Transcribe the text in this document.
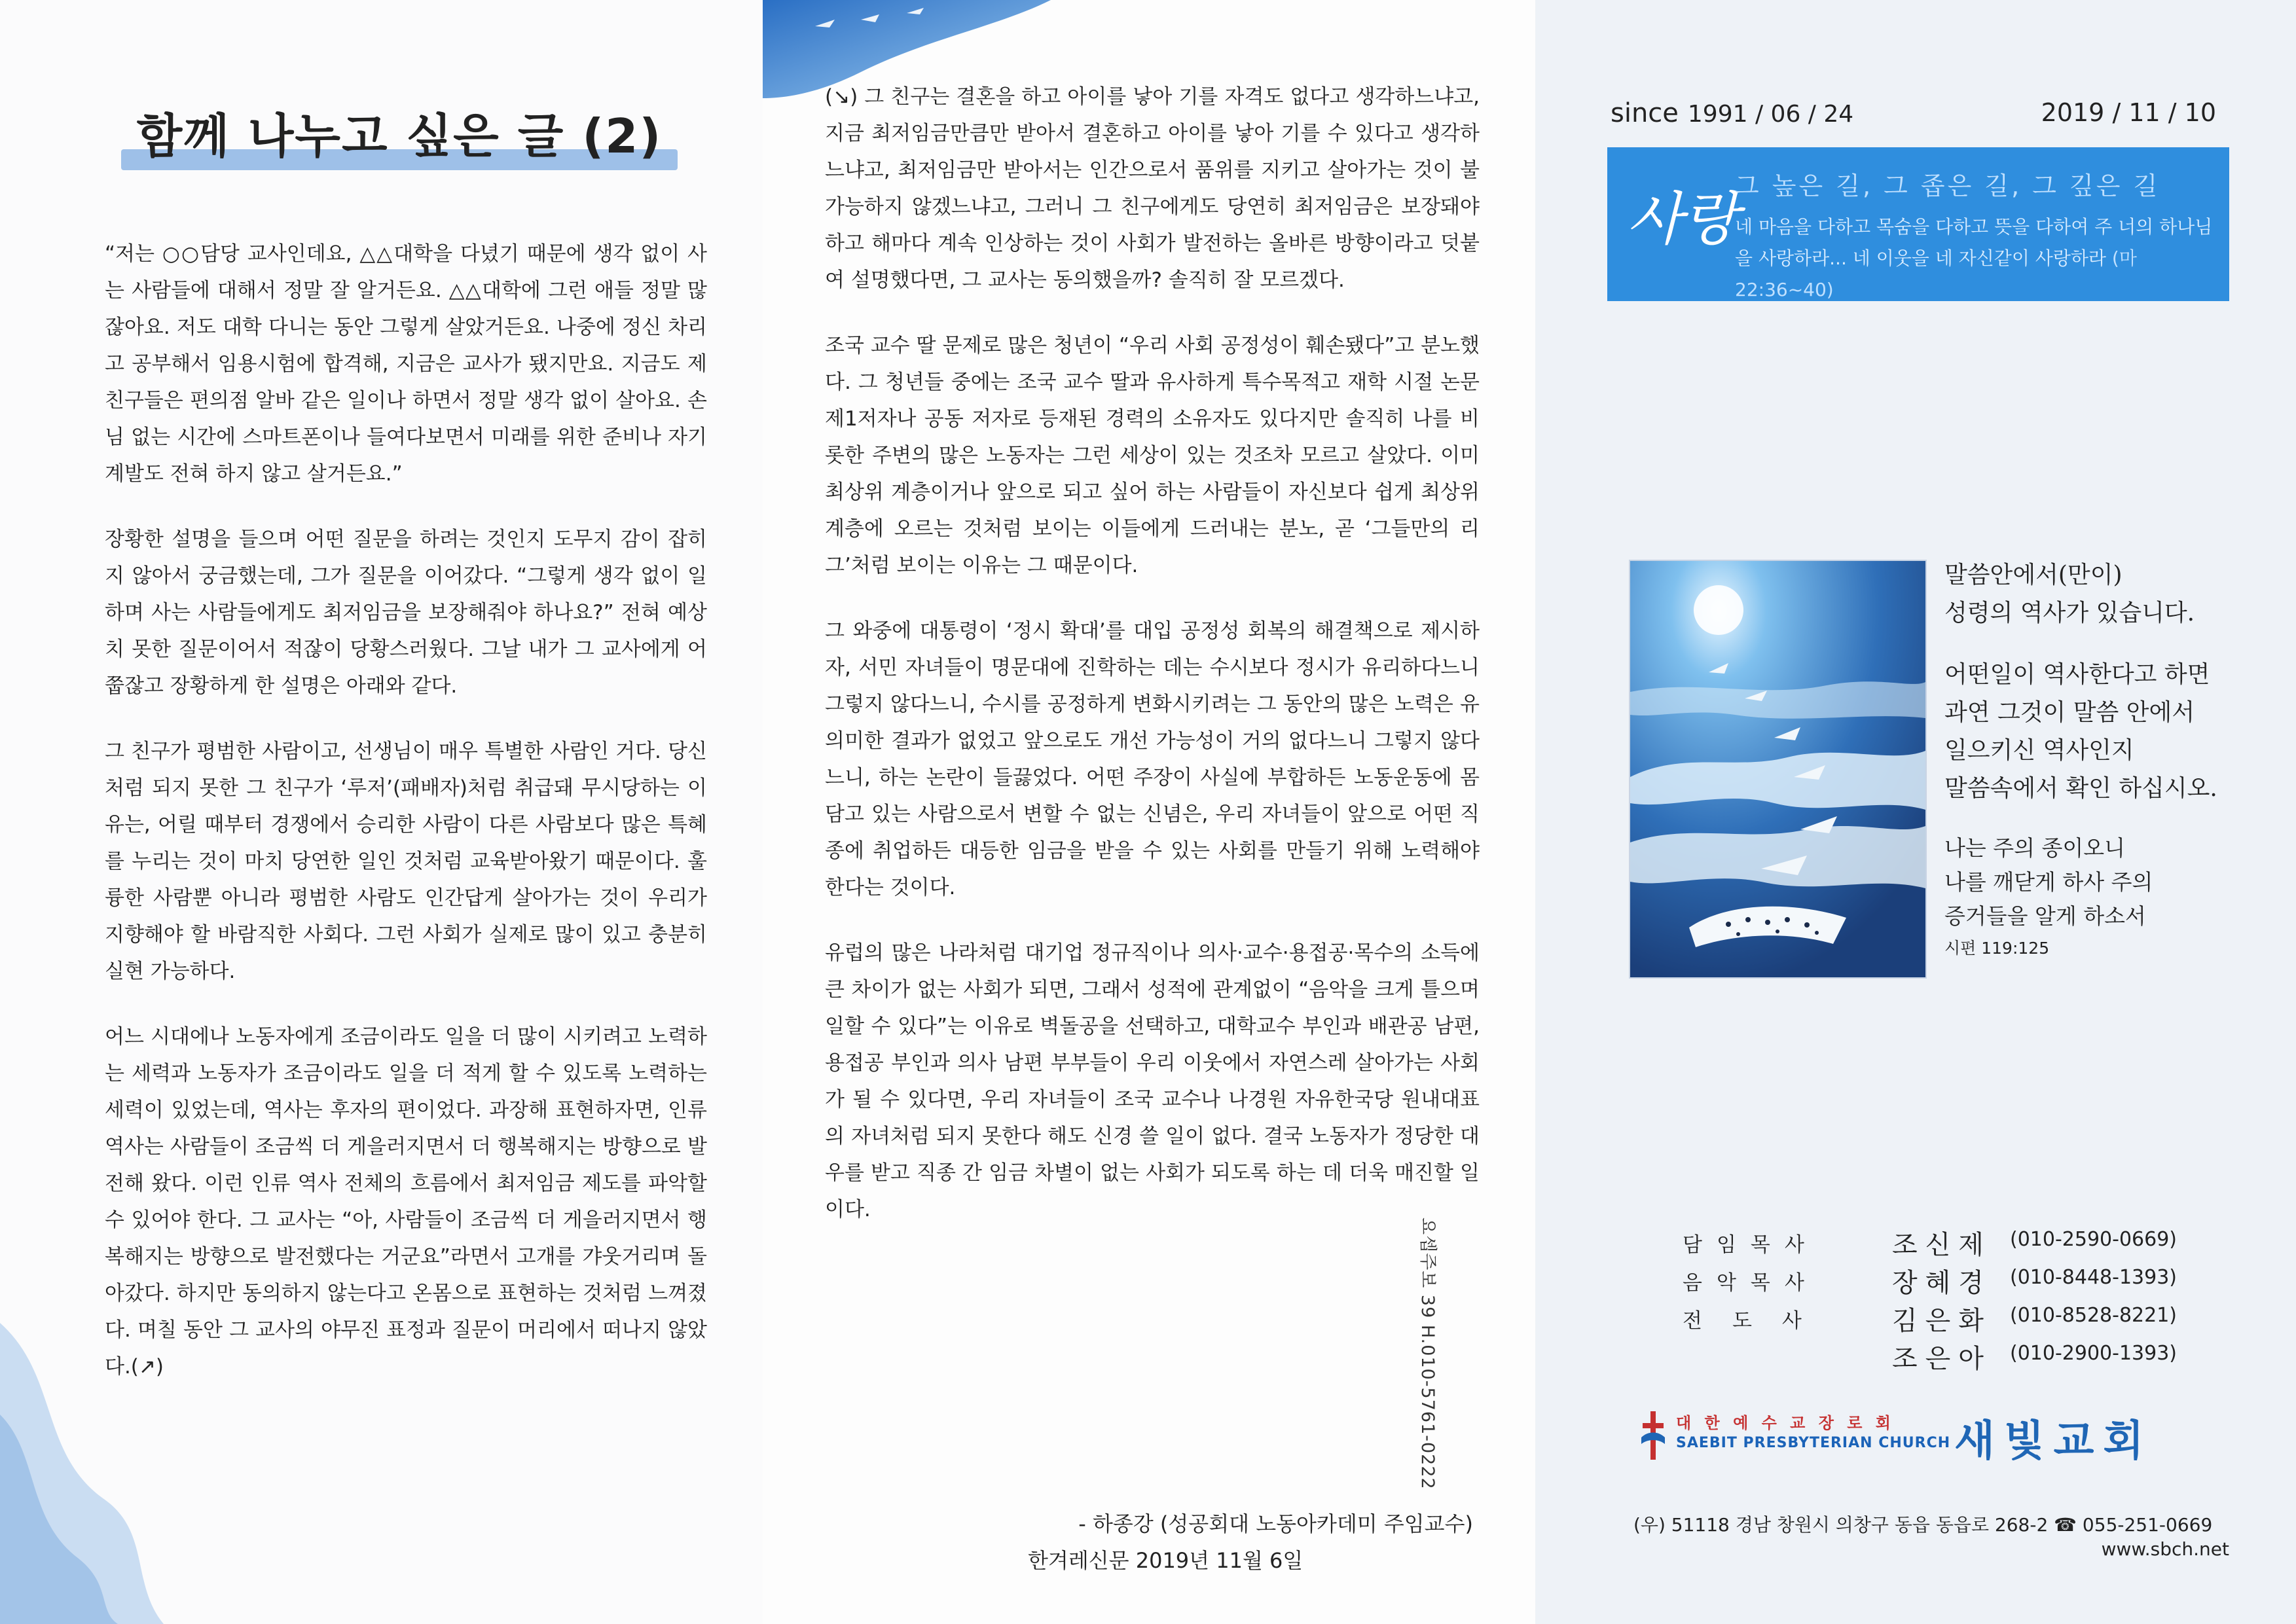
함께 나누고 싶은 글 (2)

“저는 ○○담당 교사인데요, △△대학을 다녔기 때문에 생각 없이 사는 사람들에 대해서 정말 잘 알거든요. △△대학에 그런 애들 정말 많잖아요. 저도 대학 다니는 동안 그렇게 살았거든요. 나중에 정신 차리고 공부해서 임용시험에 합격해, 지금은 교사가 됐지만요. 지금도 제 친구들은 편의점 알바 같은 일이나 하면서 정말 생각 없이 살아요. 손님 없는 시간에 스마트폰이나 들여다보면서 미래를 위한 준비나 자기 계발도 전혀 하지 않고 살거든요.”

장황한 설명을 들으며 어떤 질문을 하려는 것인지 도무지 감이 잡히지 않아서 궁금했는데, 그가 질문을 이어갔다. “그렇게 생각 없이 일하며 사는 사람들에게도 최저임금을 보장해줘야 하나요?” 전혀 예상치 못한 질문이어서 적잖이 당황스러웠다. 그날 내가 그 교사에게 어쭙잖고 장황하게 한 설명은 아래와 같다.

그 친구가 평범한 사람이고, 선생님이 매우 특별한 사람인 거다. 당신처럼 되지 못한 그 친구가 ‘루저’(패배자)처럼 취급돼 무시당하는 이유는, 어릴 때부터 경쟁에서 승리한 사람이 다른 사람보다 많은 특혜를 누리는 것이 마치 당연한 일인 것처럼 교육받아왔기 때문이다. 훌륭한 사람뿐 아니라 평범한 사람도 인간답게 살아가는 것이 우리가 지향해야 할 바람직한 사회다. 그런 사회가 실제로 많이 있고 충분히 실현 가능하다.

어느 시대에나 노동자에게 조금이라도 일을 더 많이 시키려고 노력하는 세력과 노동자가 조금이라도 일을 더 적게 할 수 있도록 노력하는 세력이 있었는데, 역사는 후자의 편이었다. 과장해 표현하자면, 인류 역사는 사람들이 조금씩 더 게을러지면서 더 행복해지는 방향으로 발전해 왔다. 이런 인류 역사 전체의 흐름에서 최저임금 제도를 파악할 수 있어야 한다. 그 교사는 “아, 사람들이 조금씩 더 게을러지면서 행복해지는 방향으로 발전했다는 거군요”라면서 고개를 갸웃거리며 돌아갔다. 하지만 동의하지 않는다고 온몸으로 표현하는 것처럼 느껴졌다. 며칠 동안 그 교사의 야무진 표정과 질문이 머리에서 떠나지 않았다.(↗)

(↘) 그 친구는 결혼을 하고 아이를 낳아 기를 자격도 없다고 생각하느냐고, 지금 최저임금만큼만 받아서 결혼하고 아이를 낳아 기를 수 있다고 생각하느냐고, 최저임금만 받아서는 인간으로서 품위를 지키고 살아가는 것이 불가능하지 않겠느냐고, 그러니 그 친구에게도 당연히 최저임금은 보장돼야 하고 해마다 계속 인상하는 것이 사회가 발전하는 올바른 방향이라고 덧붙여 설명했다면, 그 교사는 동의했을까? 솔직히 잘 모르겠다.

조국 교수 딸 문제로 많은 청년이 “우리 사회 공정성이 훼손됐다”고 분노했다. 그 청년들 중에는 조국 교수 딸과 유사하게 특수목적고 재학 시절 논문 제1저자나 공동 저자로 등재된 경력의 소유자도 있다지만 솔직히 나를 비롯한 주변의 많은 노동자는 그런 세상이 있는 것조차 모르고 살았다. 이미 최상위 계층이거나 앞으로 되고 싶어 하는 사람들이 자신보다 쉽게 최상위 계층에 오르는 것처럼 보이는 이들에게 드러내는 분노, 곧 ‘그들만의 리그’처럼 보이는 이유는 그 때문이다.

그 와중에 대통령이 ‘정시 확대’를 대입 공정성 회복의 해결책으로 제시하자, 서민 자녀들이 명문대에 진학하는 데는 수시보다 정시가 유리하다느니 그렇지 않다느니, 수시를 공정하게 변화시키려는 그 동안의 많은 노력은 유의미한 결과가 없었고 앞으로도 개선 가능성이 거의 없다느니 그렇지 않다느니, 하는 논란이 들끓었다. 어떤 주장이 사실에 부합하든 노동운동에 몸담고 있는 사람으로서 변할 수 없는 신념은, 우리 자녀들이 앞으로 어떤 직종에 취업하든 대등한 임금을 받을 수 있는 사회를 만들기 위해 노력해야 한다는 것이다.

유럽의 많은 나라처럼 대기업 정규직이나 의사·교수·용접공·목수의 소득에 큰 차이가 없는 사회가 되면, 그래서 성적에 관계없이 “음악을 크게 틀으며 일할 수 있다”는 이유로 벽돌공을 선택하고, 대학교수 부인과 배관공 남편, 용접공 부인과 의사 남편 부부들이 우리 이웃에서 자연스레 살아가는 사회가 될 수 있다면, 우리 자녀들이 조국 교수나 나경원 자유한국당 원내대표의 자녀처럼 되지 못한다 해도 신경 쓸 일이 없다. 결국 노동자가 정당한 대우를 받고 직종 간 임금 차별이 없는 사회가 되도록 하는 데 더욱 매진할 일이다.

- 하종강 (성공회대 노동아카데미 주임교수)
한겨레신문 2019년 11월 6일
since 1991 / 06 / 24	2019 / 11 / 10
사랑
그 높은 길, 그 좁은 길, 그 깊은 길
네 마음을 다하고 목숨을 다하고 뜻을 다하여 주 너의 하나님을 사랑하라... 네 이웃을 네 자신같이 사랑하라 (마 22:36~40)
말씀안에서(만이)
성령의 역사가 있습니다.
어떤일이 역사한다고 하면
과연 그것이 말씀 안에서
일으키신 역사인지
말씀속에서 확인 하십시오.
나는 주의 종이오니
나를 깨닫게 하사 주의
증거들을 알게 하소서
시편 119:125
요셉주보 39 H.010-5761-0222	담임목사	조신제 (010-2590-0669)
음악목사	장혜경 (010-8448-1393)
전도사 김은화 (010-8528-8221)
조은아 (010-2900-1393)
대 한 예 수 교 장 로 회
SAEBIT PRESBYTERIAN CHURCH 새빛교회
(우) 51118 경남 창원시 의창구 동읍 동읍로 268-2 ☎ 055-251-0669
www.sbch.net
